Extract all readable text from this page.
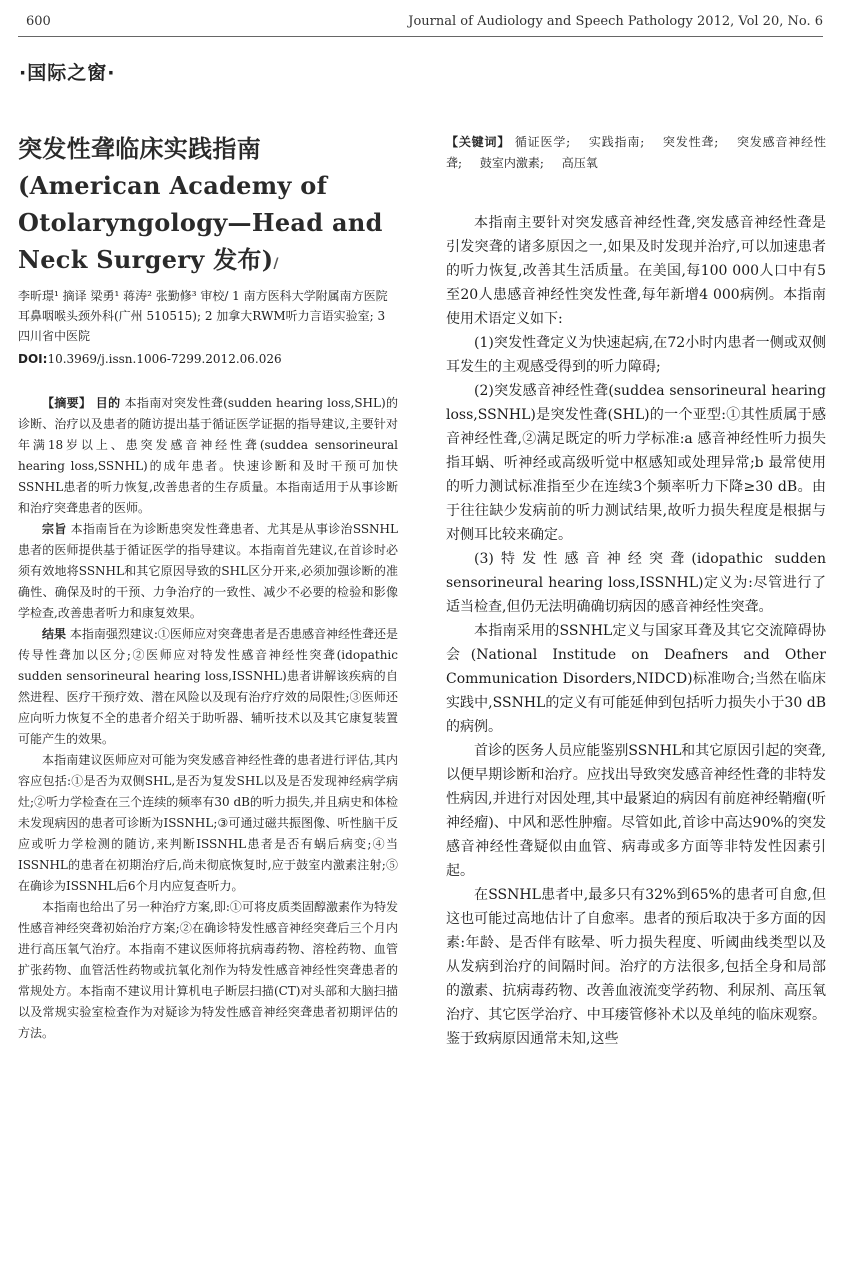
600	Journal of Audiology and Speech Pathology 2012, Vol 20, No. 6
·国际之窗·
突发性聋临床实践指南(American Academy of Otolaryngology—Head and Neck Surgery 发布)/
李昕璟¹ 摘译 梁勇¹ 蒋涛² 张勤修³ 审校/ 1 南方医科大学附属南方医院耳鼻咽喉头颈外科(广州 510515); 2 加拿大RWM听力言语实验室; 3 四川省中医院
DOI:10.3969/j.issn.1006-7299.2012.06.026

【摘要】 目的 本指南对突发性聋(sudden hearing loss,SHL)的诊断、治疗以及患者的随访提出基于循证医学证据的指导建议,主要针对年满18岁以上、患突发感音神经性聋(suddea sensorineural hearing loss,SSNHL)的成年患者。快速诊断和及时干预可加快SSNHL患者的听力恢复,改善患者的生存质量。本指南适用于从事诊断和治疗突聋患者的医师。

宗旨 本指南旨在为诊断患突发性聋患者、尤其是从事诊治SSNHL患者的医师提供基于循证医学的指导建议。本指南首先建议,在首诊时必须有效地将SSNHL和其它原因导致的SHL区分开来,必须加强诊断的准确性、确保及时的干预、力争治疗的一致性、减少不必要的检验和影像学检查,改善患者听力和康复效果。

结果 本指南强烈建议:①医师应对突聋患者是否患感音神经性聋还是传导性聋加以区分;②医师应对特发性感音神经性突聋(idopathic sudden sensorineural hearing loss,ISSNHL)患者讲解该疾病的自然进程、医疗干预疗效、潜在风险以及现有治疗疗效的局限性;③医师还应向听力恢复不全的患者介绍关于助听器、辅听技术以及其它康复装置可能产生的效果。

本指南建议医师应对可能为突发感音神经性聋的患者进行评估,其内容应包括:①是否为双侧SHL,是否为复发SHL以及是否发现神经病学病灶;②听力学检查在三个连续的频率有30 dB的听力损失,并且病史和体检未发现病因的患者可诊断为ISSNHL;③可通过磁共振图像、听性脑干反应或听力学检测的随访,来判断ISSNHL患者是否有蜗后病变;④当ISSNHL的患者在初期治疗后,尚未彻底恢复时,应于鼓室内激素注射;⑤在确诊为ISSNHL后6个月内应复查听力。

本指南也给出了另一种治疗方案,即:①可将皮质类固醇激素作为特发性感音神经突聋初始治疗方案;②在确诊特发性感音神经突聋后三个月内进行高压氧气治疗。本指南不建议医师将抗病毒药物、溶栓药物、血管扩张药物、血管活性药物或抗氧化剂作为特发性感音神经性突聋患者的常规处方。本指南不建议用计算机电子断层扫描(CT)对头部和大脑扫描以及常规实验室检查作为对疑诊为特发性感音神经突聋患者初期评估的方法。

【关键词】 循证医学; 实践指南; 突发性聋; 突发感音神经性聋; 鼓室内激素; 高压氧

本指南主要针对突发感音神经性聋,突发感音神经性聋是引发突聋的诸多原因之一,如果及时发现并治疗,可以加速患者的听力恢复,改善其生活质量。在美国,每100 000人口中有5至20人患感音神经性突发性聋,每年新增4 000病例。本指南使用术语定义如下:

(1)突发性聋定义为快速起病,在72小时内患者一侧或双侧耳发生的主观感受得到的听力障碍;

(2)突发感音神经性聋(suddea sensorineural hearing loss,SSNHL)是突发性聋(SHL)的一个亚型:①其性质属于感音神经性聋,②满足既定的听力学标准:a 感音神经性听力损失指耳蜗、听神经或高级听觉中枢感知或处理异常;b 最常使用的听力测试标准指至少在连续3个频率听力下降≥30 dB。由于往往缺少发病前的听力测试结果,故听力损失程度是根据与对侧耳比较来确定。

(3)特发性感音神经突聋(idopathic sudden sensorineural hearing loss,ISSNHL)定义为:尽管进行了适当检查,但仍无法明确确切病因的感音神经性突聋。

本指南采用的SSNHL定义与国家耳聋及其它交流障碍协会(National Institude on Deafners and Other Communication Disorders,NIDCD)标准吻合;当然在临床实践中,SSNHL的定义有可能延伸到包括听力损失小于30 dB的病例。

首诊的医务人员应能鉴别SSNHL和其它原因引起的突聋,以便早期诊断和治疗。应找出导致突发感音神经性聋的非特发性病因,并进行对因处理,其中最紧迫的病因有前庭神经鞘瘤(听神经瘤)、中风和恶性肿瘤。尽管如此,首诊中高达90%的突发感音神经性聋疑似由血管、病毒或多方面等非特发性因素引起。

在SSNHL患者中,最多只有32%到65%的患者可自愈,但这也可能过高地估计了自愈率。患者的预后取决于多方面的因素:年龄、是否伴有眩晕、听力损失程度、听阈曲线类型以及从发病到治疗的间隔时间。治疗的方法很多,包括全身和局部的激素、抗病毒药物、改善血液流变学药物、利尿剂、高压氧治疗、其它医学治疗、中耳瘘管修补术以及单纯的临床观察。鉴于致病原因通常未知,这些
